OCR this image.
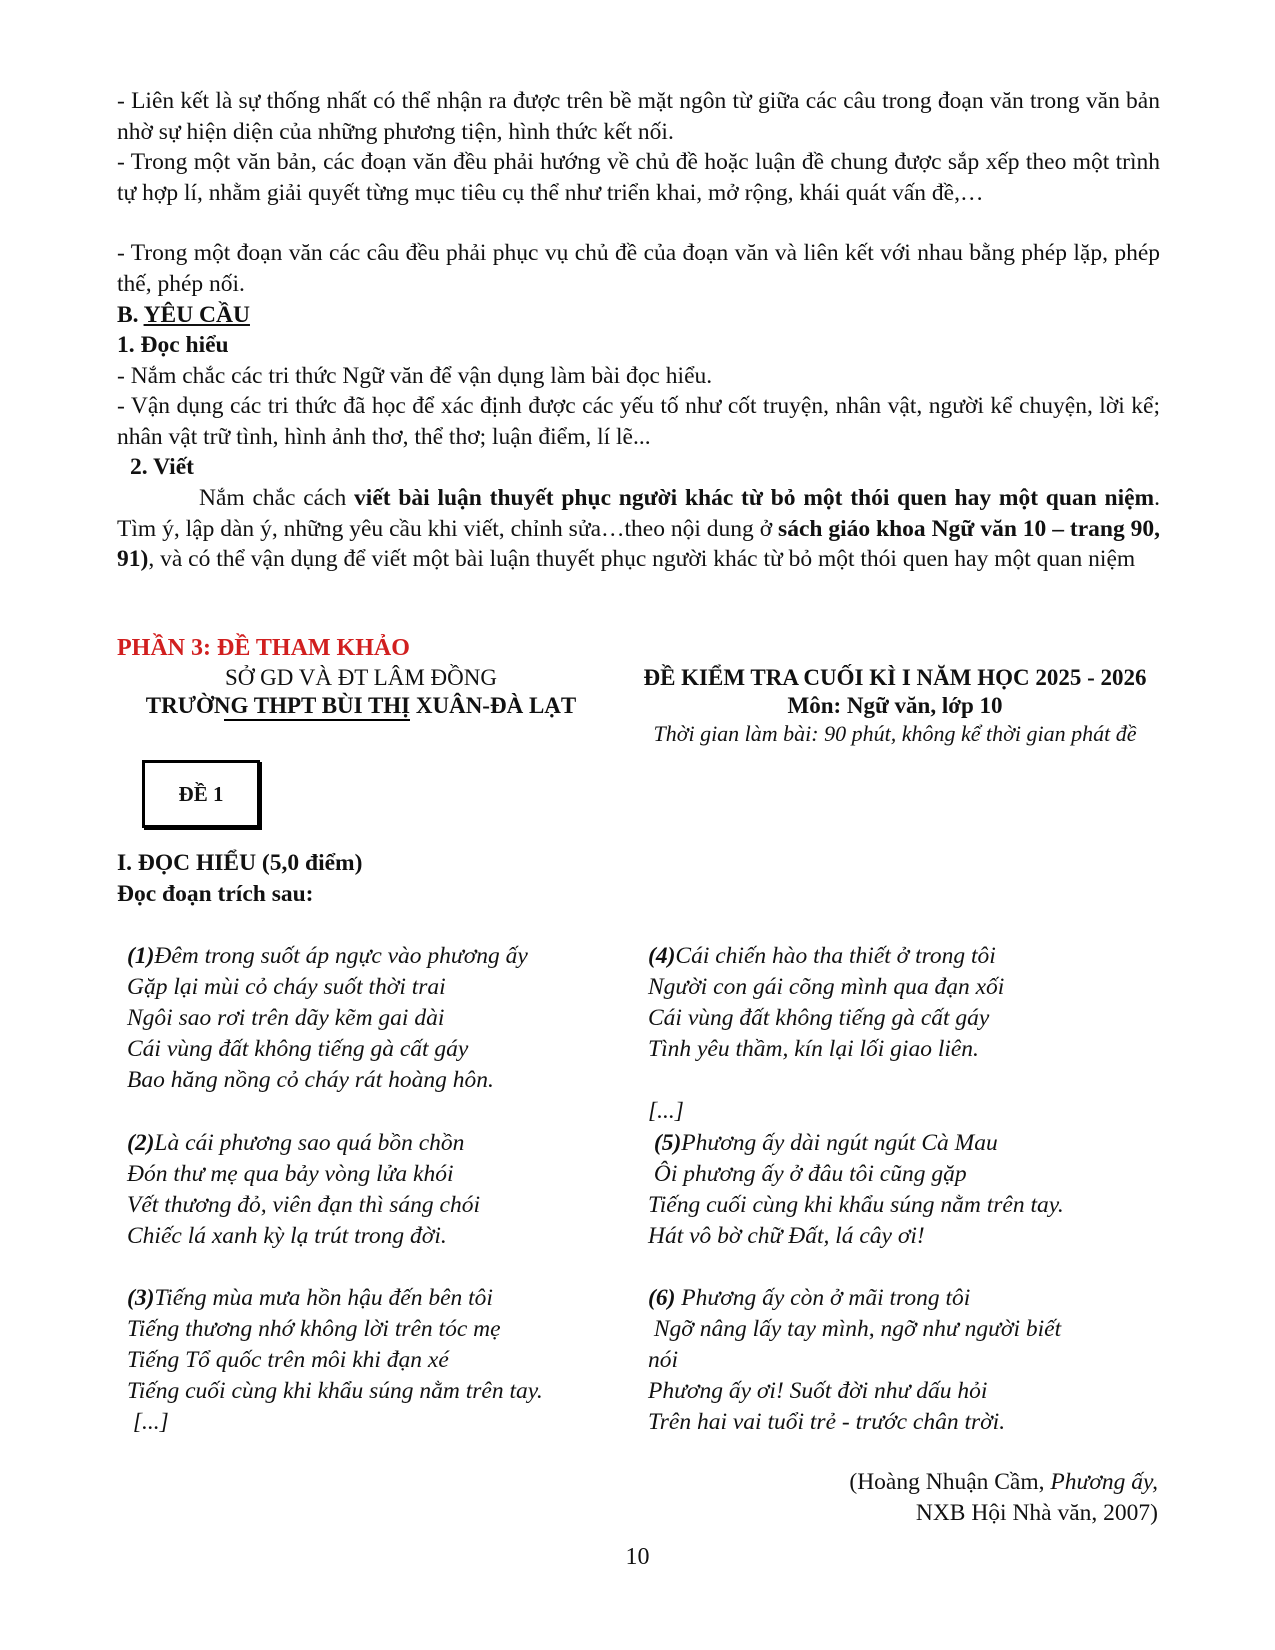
- Liên kết là sự thống nhất có thể nhận ra được trên bề mặt ngôn từ giữa các câu trong đoạn văn trong văn bản nhờ sự hiện diện của những phương tiện, hình thức kết nối.

- Trong một văn bản, các đoạn văn đều phải hướng về chủ đề hoặc luận đề chung được sắp xếp theo một trình tự hợp lí, nhằm giải quyết từng mục tiêu cụ thể như triển khai, mở rộng, khái quát vấn đề,…

- Trong một đoạn văn các câu đều phải phục vụ chủ đề của đoạn văn và liên kết với nhau bằng phép lặp, phép thế, phép nối.

B. YÊU CẦU

1. Đọc hiểu

- Nắm chắc các tri thức Ngữ văn để vận dụng làm bài đọc hiểu.

- Vận dụng các tri thức đã học để xác định được các yếu tố như cốt truyện, nhân vật, người kể chuyện, lời kể; nhân vật trữ tình, hình ảnh thơ, thể thơ; luận điểm, lí lẽ...

2. Viết

Nắm chắc cách viết bài luận thuyết phục người khác từ bỏ một thói quen hay một quan niệm. Tìm ý, lập dàn ý, những yêu cầu khi viết, chỉnh sửa…theo nội dung ở sách giáo khoa Ngữ văn 10 – trang 90, 91), và có thể vận dụng để viết một bài luận thuyết phục người khác từ bỏ một thói quen hay một quan niệm

PHẦN 3: ĐỀ THAM KHẢO

SỞ GD VÀ ĐT LÂM ĐỒNG
TRƯỜNG THPT BÙI THỊ XUÂN-ĐÀ LẠT
ĐỀ KIỂM TRA CUỐI KÌ I NĂM HỌC 2025 - 2026
Môn: Ngữ văn, lớp 10
Thời gian làm bài: 90 phút, không kể thời gian phát đề
ĐỀ 1

I. ĐỌC HIỂU (5,0 điểm)

Đọc đoạn trích sau:

(1)Đêm trong suốt áp ngực vào phương ấy
Gặp lại mùi cỏ cháy suốt thời trai
Ngôi sao rơi trên dãy kẽm gai dài
Cái vùng đất không tiếng gà cất gáy
Bao hăng nồng cỏ cháy rát hoàng hôn.
(2)Là cái phương sao quá bồn chồn
Đón thư mẹ qua bảy vòng lửa khói
Vết thương đỏ, viên đạn thì sáng chói
Chiếc lá xanh kỳ lạ trút trong đời.
(3)Tiếng mùa mưa hồn hậu đến bên tôi
Tiếng thương nhớ không lời trên tóc mẹ
Tiếng Tổ quốc trên môi khi đạn xé
Tiếng cuối cùng khi khẩu súng nằm trên tay.
[...]
(4)Cái chiến hào tha thiết ở trong tôi
Người con gái cõng mình qua đạn xối
Cái vùng đất không tiếng gà cất gáy
Tình yêu thầm, kín lại lối giao liên.

[...]
(5)Phương ấy dài ngút ngút Cà Mau
Ôi phương ấy ở đâu tôi cũng gặp
Tiếng cuối cùng khi khẩu súng nằm trên tay.
Hát vô bờ chữ Đất, lá cây ơi!
(6) Phương ấy còn ở mãi trong tôi
Ngỡ nâng lấy tay mình, ngỡ như người biết
nói
Phương ấy ơi! Suốt đời như dấu hỏi
Trên hai vai tuổi trẻ - trước chân trời.
(Hoàng Nhuận Cầm, Phương ấy,
NXB Hội Nhà văn, 2007)
10
